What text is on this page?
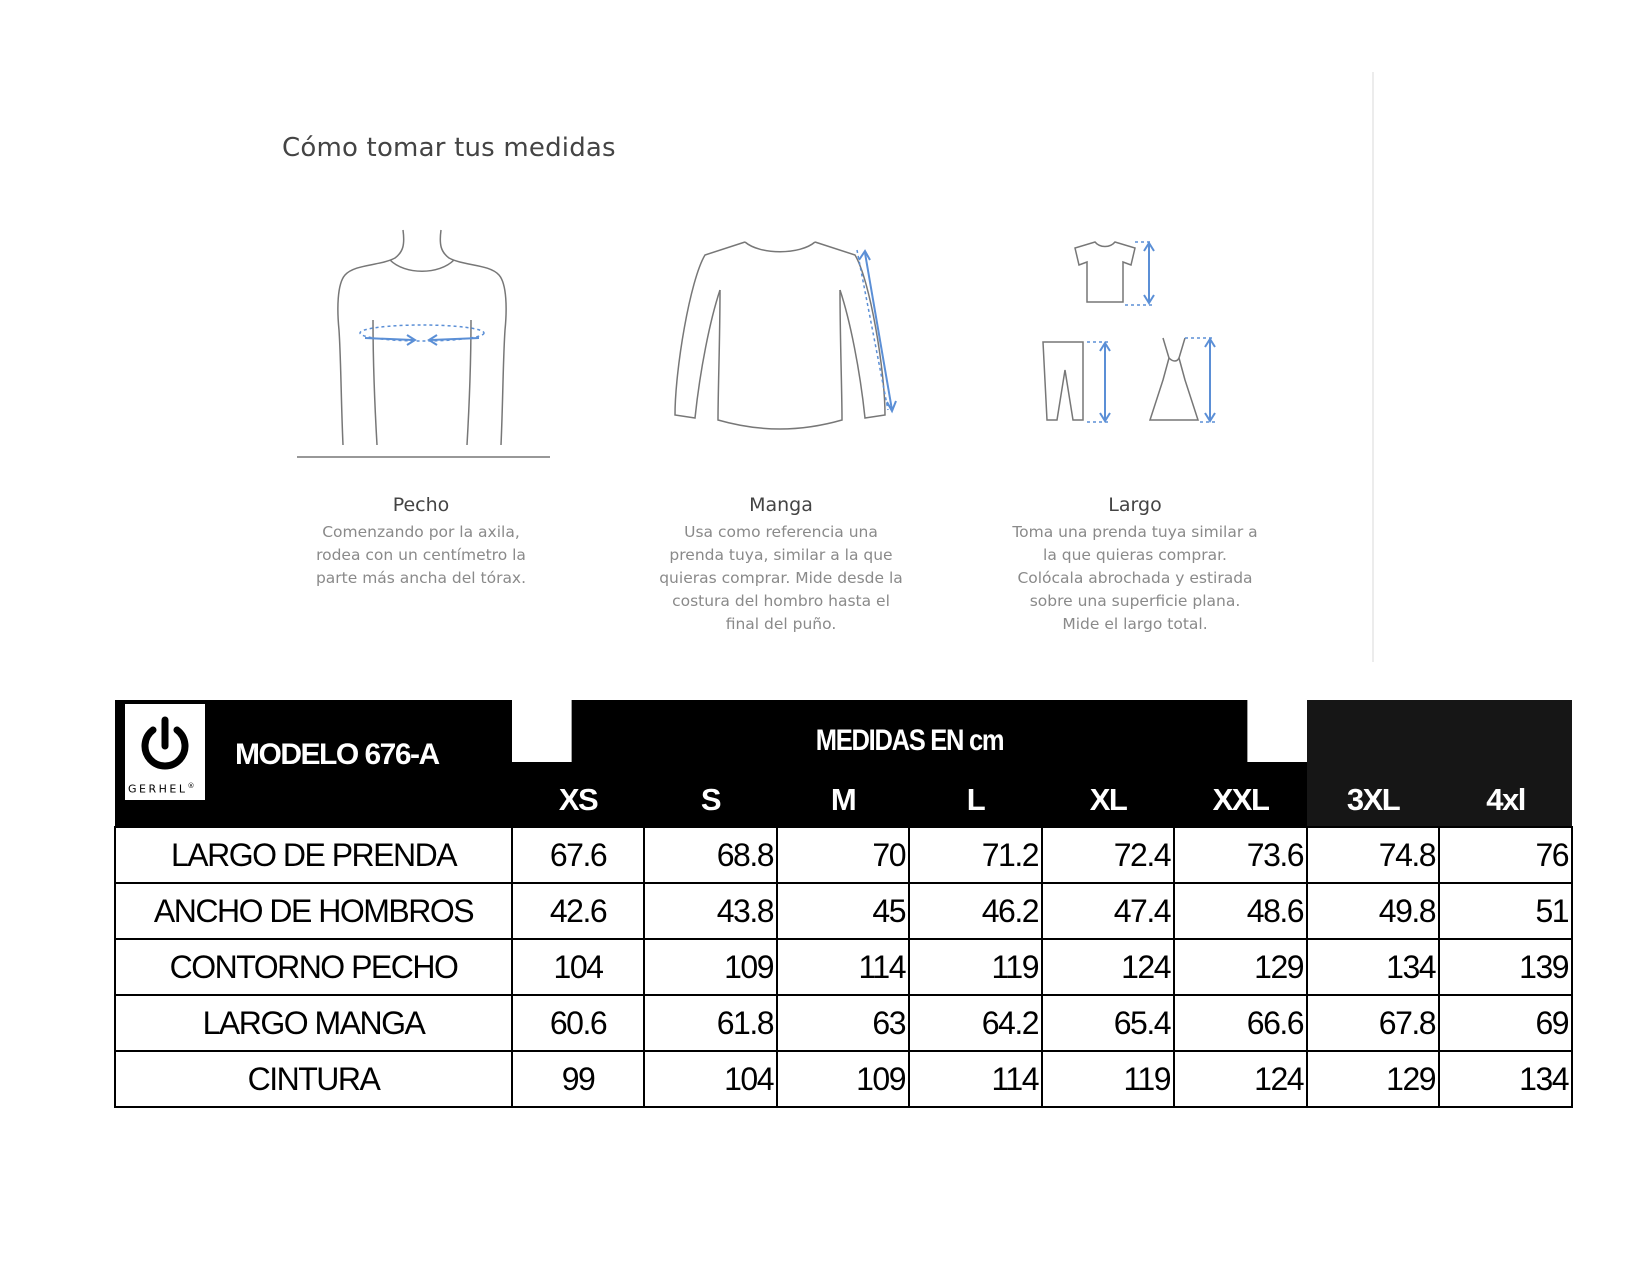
Cómo tomar tus medidas
Pecho
Comenzando por la axila,
rodea con un centímetro la
parte más ancha del tórax.
Manga
Usa como referencia una
prenda tuya, similar a la que
quieras comprar. Mide desde la
costura del hombro hasta el
final del puño.
Largo
Toma una prenda tuya similar a
la que quieras comprar.
Colócala abrochada y estirada
sobre una superficie plana.
Mide el largo total.
GERHEL®
MODELO 676-A	MEDIDAS EN cm							
	XS	S	M	L	XL	XXL	3XL	4xl
LARGO DE PRENDA	67.6	68.8	70	71.2	72.4	73.6	74.8	76
ANCHO DE HOMBROS	42.6	43.8	45	46.2	47.4	48.6	49.8	51
CONTORNO PECHO	104	109	114	119	124	129	134	139
LARGO MANGA	60.6	61.8	63	64.2	65.4	66.6	67.8	69
CINTURA	99	104	109	114	119	124	129	134
